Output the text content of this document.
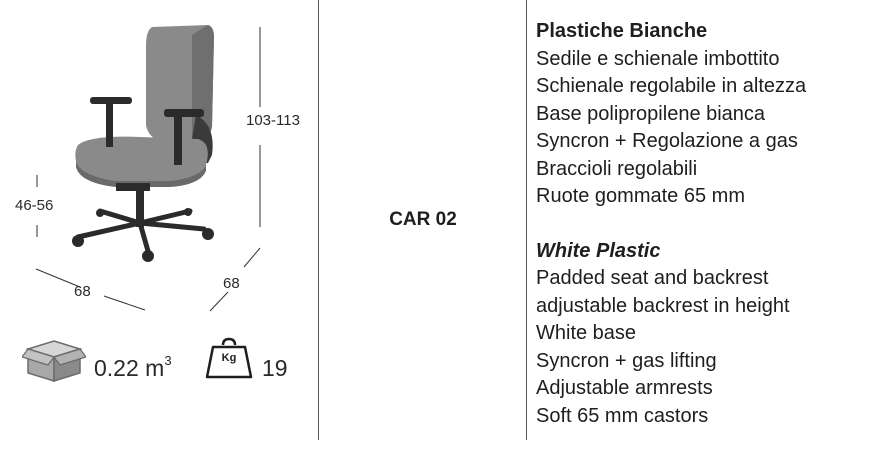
103-113
46-56
68	68
0.22 $m^3$	Kg 19
CAR 02
Plastiche Bianche
Sedile e schienale imbottito
Schienale regolabile in altezza
Base polipropilene bianca
Syncron + Regolazione a gas
Braccioli regolabili
Ruote gommate 65 mm
White Plastic
Padded seat and backrest
adjustable backrest in height
White base
Syncron + gas lifting
Adjustable armrests
Soft 65 mm castors
